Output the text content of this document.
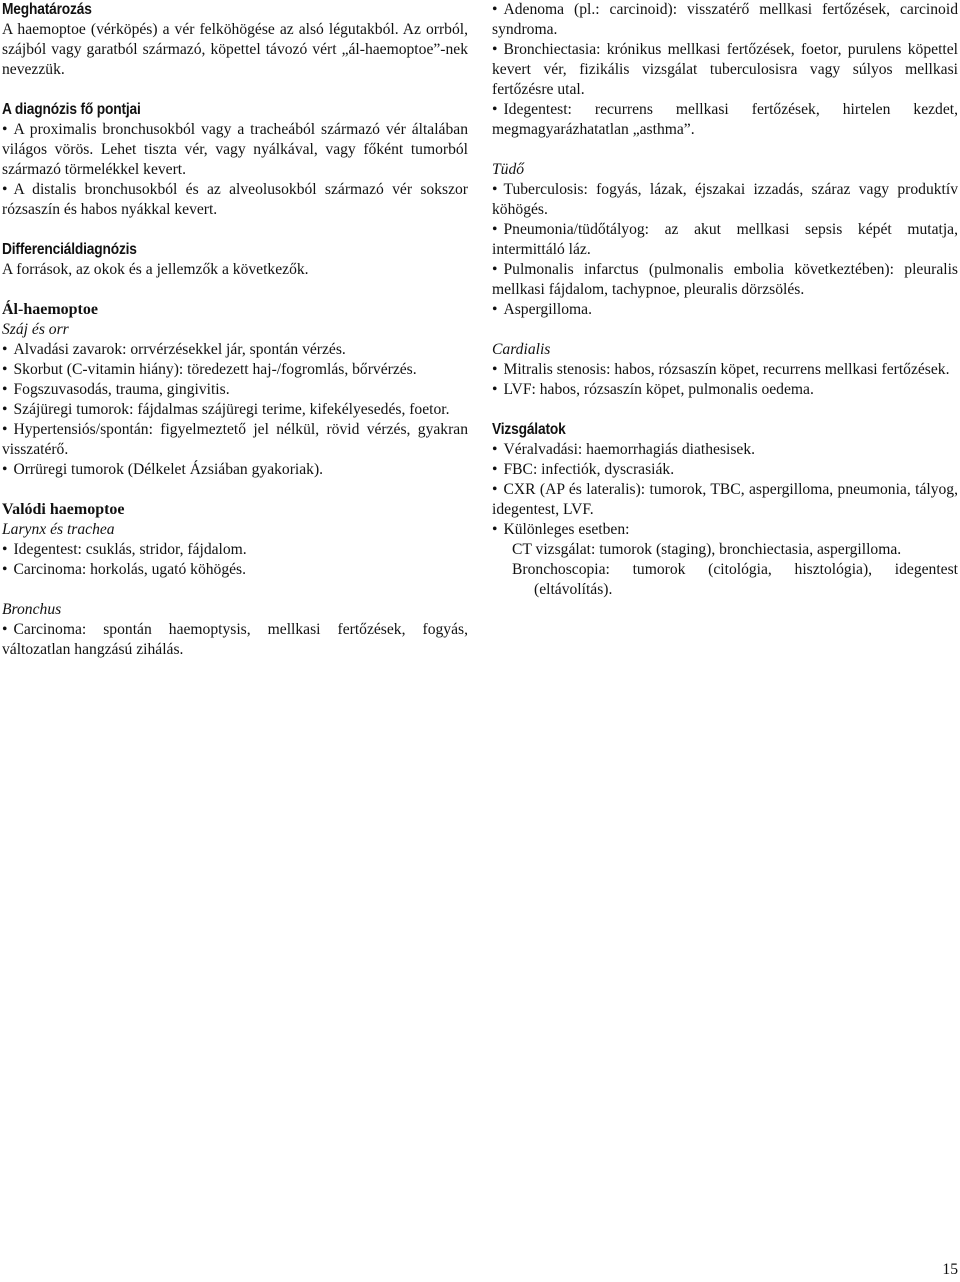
Meghatározás

A haemoptoe (vérköpés) a vér felköhögése az alsó légutakból. Az orrból, szájból vagy garatból származó, köpettel távozó vért „ál-haemoptoe”-nek nevezzük.

A diagnózis fő pontjai

• A proximalis bronchusokból vagy a tracheából származó vér általában világos vörös. Lehet tiszta vér, vagy nyálkával, vagy főként tumorból származó törmelékkel kevert.

• A distalis bronchusokból és az alveolusokból származó vér sokszor rózsaszín és habos nyákkal kevert.

Differenciáldiagnózis

A források, az okok és a jellemzők a következők.

Ál-haemoptoe
Száj és orr

• Alvadási zavarok: orrvérzésekkel jár, spontán vérzés.

• Skorbut (C-vitamin hiány): töredezett haj-/fogromlás, bőrvérzés.

• Fogszuvasodás, trauma, gingivitis.

• Szájüregi tumorok: fájdalmas szájüregi terime, kifekélyesedés, foetor.

• Hypertensiós/spontán: figyelmeztető jel nélkül, rövid vérzés, gyakran visszatérő.

• Orrüregi tumorok (Délkelet Ázsiában gyakoriak).

Valódi haemoptoe
Larynx és trachea

• Idegentest: csuklás, stridor, fájdalom.

• Carcinoma: horkolás, ugató köhögés.

Bronchus

• Carcinoma: spontán haemoptysis, mellkasi fertőzések, fogyás, változatlan hangzású zihálás.

• Adenoma (pl.: carcinoid): visszatérő mellkasi fertőzések, carcinoid syndroma.

• Bronchiectasia: krónikus mellkasi fertőzések, foetor, purulens köpettel kevert vér, fizikális vizsgálat tuberculosisra vagy súlyos mellkasi fertőzésre utal.

• Idegentest: recurrens mellkasi fertőzések, hirtelen kezdet, megmagyarázhatatlan „asthma”.

Tüdő

• Tuberculosis: fogyás, lázak, éjszakai izzadás, száraz vagy produktív köhögés.

• Pneumonia/tüdőtályog: az akut mellkasi sepsis képét mutatja, intermittáló láz.

• Pulmonalis infarctus (pulmonalis embolia következtében): pleuralis mellkasi fájdalom, tachypnoe, pleuralis dörzsölés.

• Aspergilloma.

Cardialis

• Mitralis stenosis: habos, rózsaszín köpet, recurrens mellkasi fertőzések.

• LVF: habos, rózsaszín köpet, pulmonalis oedema.

Vizsgálatok

• Véralvadási: haemorrhagiás diathesisek.

• FBC: infectiók, dyscrasiák.

• CXR (AP és lateralis): tumorok, TBC, aspergilloma, pneumonia, tályog, idegentest, LVF.

• Különleges esetben:

CT vizsgálat: tumorok (staging), bronchiectasia, aspergilloma.

Bronchoscopia: tumorok (citológia, hisztológia), idegentest (eltávolítás).

15
